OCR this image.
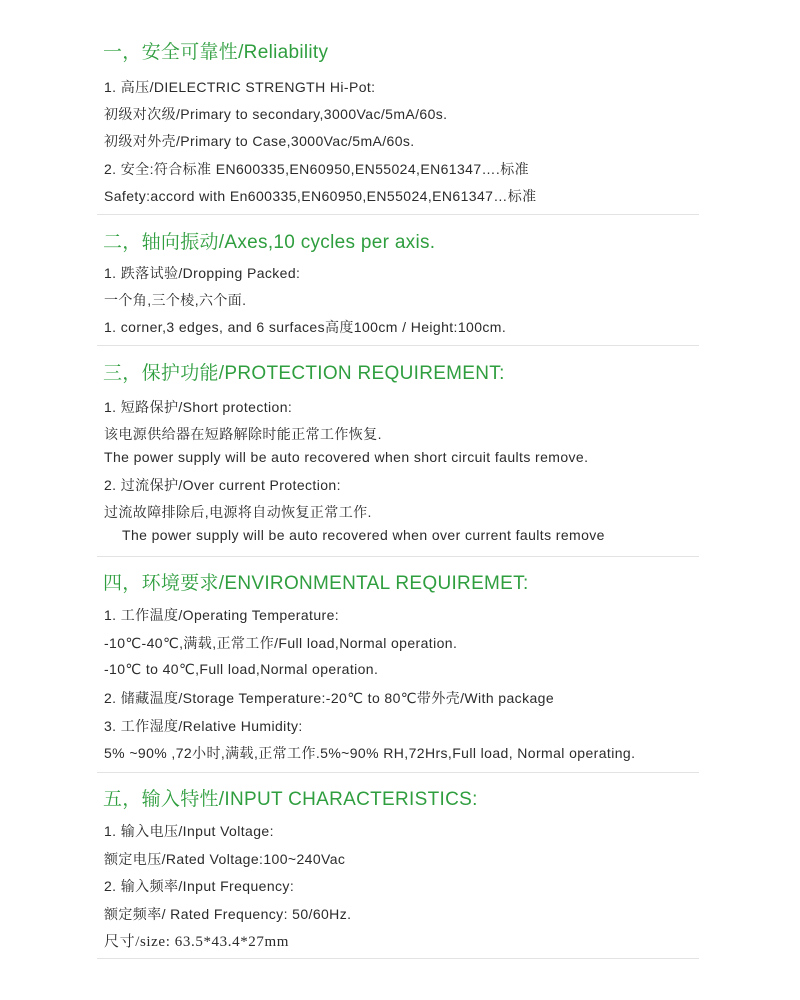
一，安全可靠性/Reliability
1. 高压/DIELECTRIC STRENGTH Hi-Pot:
初级对次级/Primary to secondary,3000Vac/5mA/60s.
初级对外壳/Primary to Case,3000Vac/5mA/60s.
2. 安全:符合标准 EN600335,EN60950,EN55024,EN61347….标准
Safety:accord with En600335,EN60950,EN55024,EN61347…标准
二，轴向振动/Axes,10 cycles per axis.
1. 跌落试验/Dropping Packed:
一个角,三个棱,六个面.
1. corner,3 edges, and 6 surfaces高度100cm / Height:100cm.
三，保护功能/PROTECTION REQUIREMENT:
1. 短路保护/Short protection:
该电源供给器在短路解除时能正常工作恢复.
The power supply will be auto recovered when short circuit faults remove.
2. 过流保护/Over current Protection:
过流故障排除后,电源将自动恢复正常工作.
The power supply will be auto recovered when over current faults remove
四，环境要求/ENVIRONMENTAL REQUIREMET:
1. 工作温度/Operating Temperature:
-10℃-40℃,满载,正常工作/Full load,Normal operation.
-10℃ to 40℃,Full load,Normal operation.
2. 储藏温度/Storage Temperature:-20℃ to 80℃带外壳/With package
3. 工作湿度/Relative Humidity:
5% ~90% ,72小时,满载,正常工作.5%~90% RH,72Hrs,Full load, Normal operating.
五，输入特性/INPUT CHARACTERISTICS:
1. 输入电压/Input Voltage:
额定电压/Rated Voltage:100~240Vac
2. 输入频率/Input Frequency:
额定频率/ Rated Frequency: 50/60Hz.
尺寸/size: 63.5*43.4*27mm
